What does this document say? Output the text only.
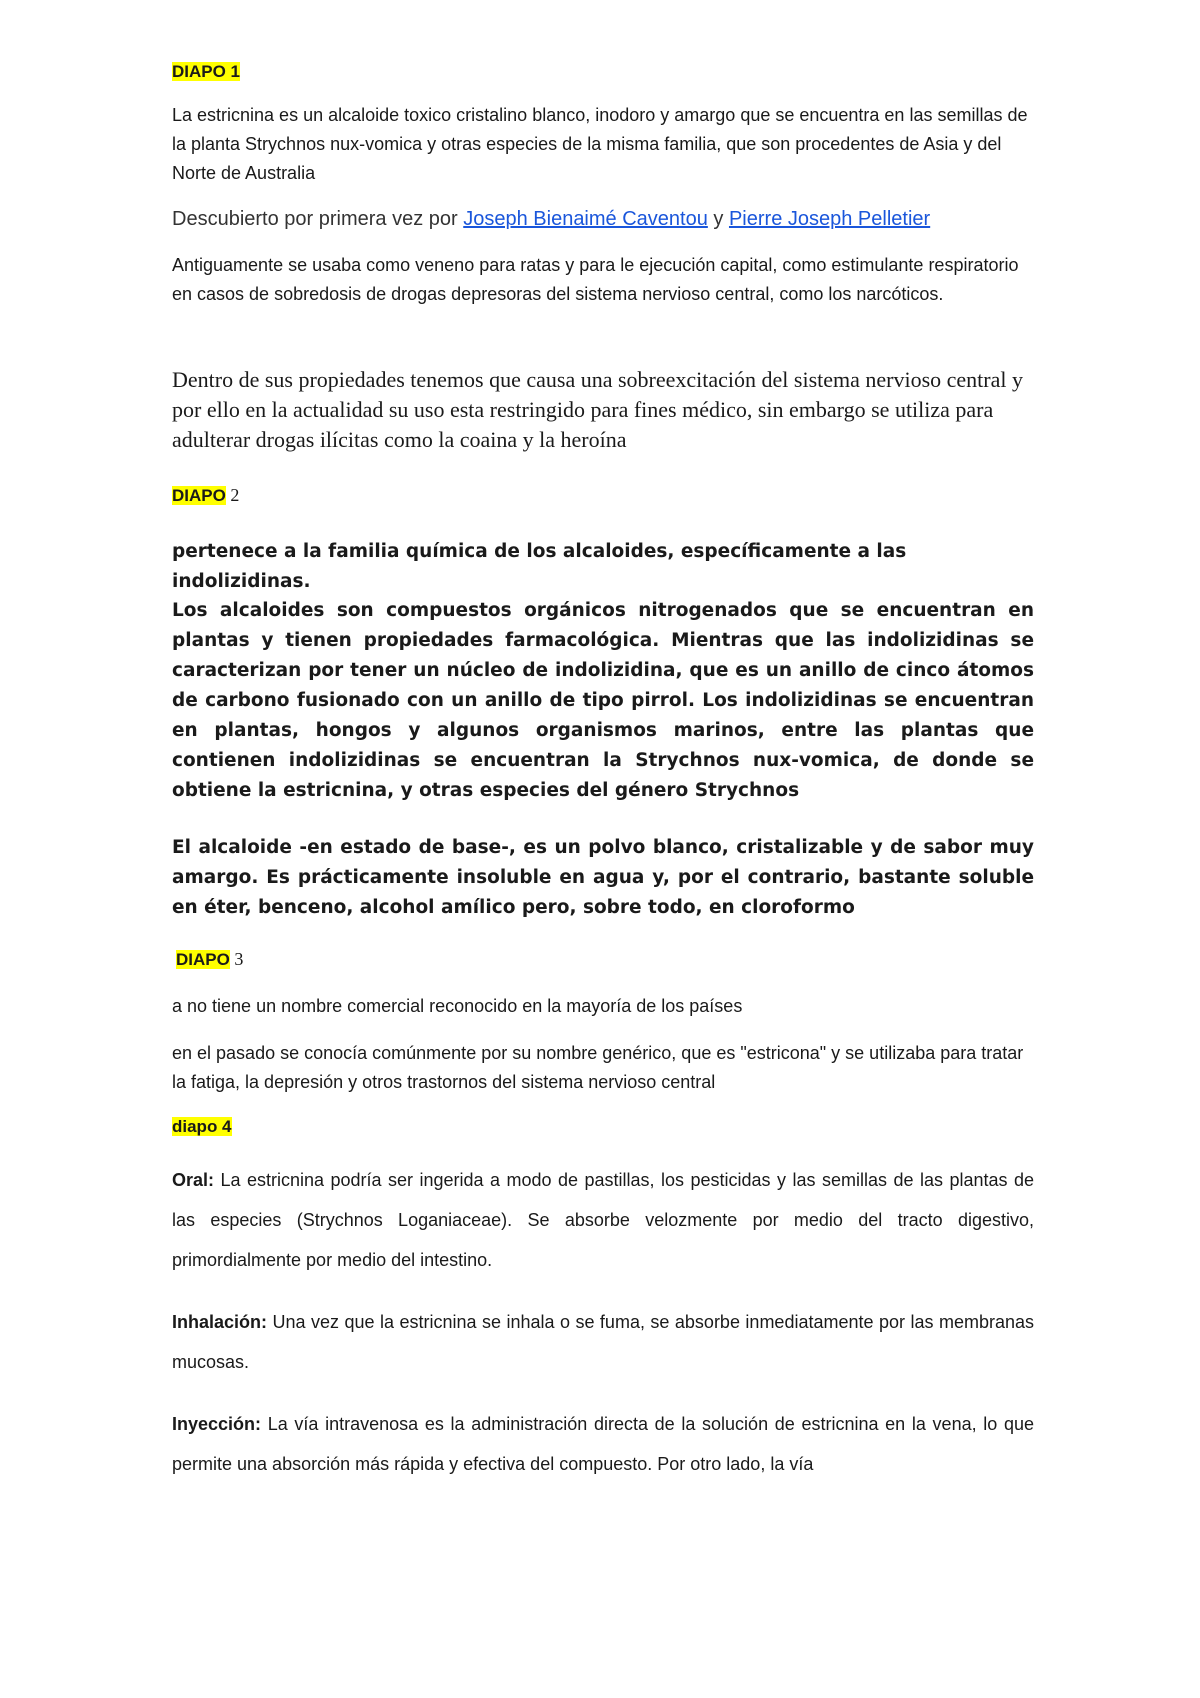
DIAPO 1

La estricnina es un alcaloide toxico cristalino blanco, inodoro y amargo que se encuentra en las semillas de la planta Strychnos nux-vomica y otras especies de la misma familia, que son procedentes de Asia y del Norte de Australia

Descubierto por primera vez por Joseph Bienaimé Caventou y Pierre Joseph Pelletier

Antiguamente se usaba como veneno para ratas y para le ejecución capital, como estimulante respiratorio en casos de sobredosis de drogas depresoras del sistema nervioso central, como los narcóticos.

Dentro de sus propiedades tenemos que causa una sobreexcitación del sistema nervioso central y por ello en la actualidad su uso esta restringido para fines médico, sin embargo se utiliza para adulterar drogas ilícitas como la coaina y la heroína

DIAPO 2

pertenece a la familia química de los alcaloides, específicamente a las indolizidinas.

Los alcaloides son compuestos orgánicos nitrogenados que se encuentran en plantas y tienen propiedades farmacológica. Mientras que las indolizidinas se caracterizan por tener un núcleo de indolizidina, que es un anillo de cinco átomos de carbono fusionado con un anillo de tipo pirrol. Los indolizidinas se encuentran en plantas, hongos y algunos organismos marinos, entre las plantas que contienen indolizidinas se encuentran la Strychnos nux-vomica, de donde se obtiene la estricnina, y otras especies del género Strychnos

El alcaloide -en estado de base-, es un polvo blanco, cristalizable y de sabor muy amargo. Es prácticamente insoluble en agua y, por el contrario, bastante soluble en éter, benceno, alcohol amílico pero, sobre todo, en cloroformo

DIAPO 3

a no tiene un nombre comercial reconocido en la mayoría de los países

en el pasado se conocía comúnmente por su nombre genérico, que es "estricona" y se utilizaba para tratar la fatiga, la depresión y otros trastornos del sistema nervioso central

diapo 4

Oral: La estricnina podría ser ingerida a modo de pastillas, los pesticidas y las semillas de las plantas de las especies (Strychnos Loganiaceae). Se absorbe velozmente por medio del tracto digestivo, primordialmente por medio del intestino.

Inhalación: Una vez que la estricnina se inhala o se fuma, se absorbe inmediatamente por las membranas mucosas.

Inyección: La vía intravenosa es la administración directa de la solución de estricnina en la vena, lo que permite una absorción más rápida y efectiva del compuesto. Por otro lado, la vía
